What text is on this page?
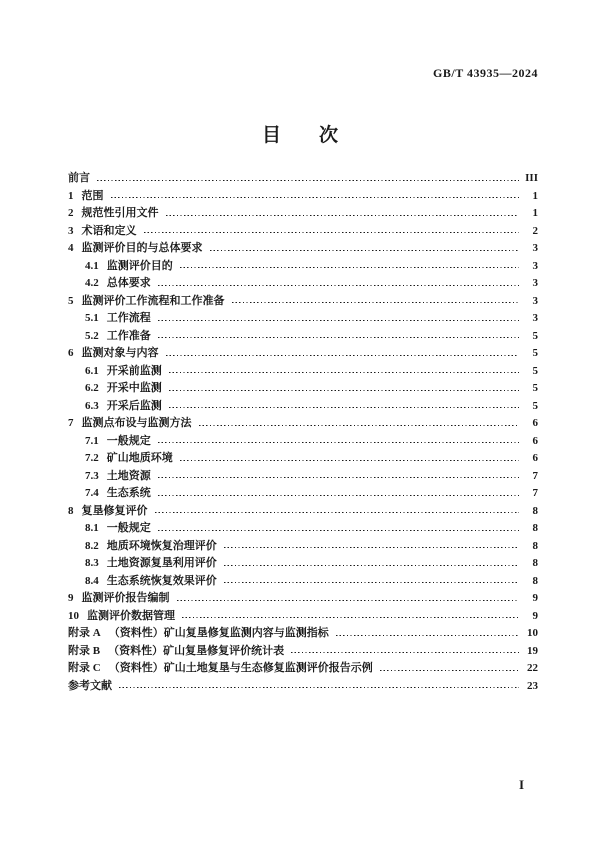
GB/T 43935—2024
目　　次
前言	III
1 范围	1
2 规范性引用文件	1
3 术语和定义	2
4 监测评价目的与总体要求	3
4.1 监测评价目的	3
4.2 总体要求	3
5 监测评价工作流程和工作准备	3
5.1 工作流程	3
5.2 工作准备	5
6 监测对象与内容	5
6.1 开采前监测	5
6.2 开采中监测	5
6.3 开采后监测	5
7 监测点布设与监测方法	6
7.1 一般规定	6
7.2 矿山地质环境	6
7.3 土地资源	7
7.4 生态系统	7
8 复垦修复评价	8
8.1 一般规定	8
8.2 地质环境恢复治理评价	8
8.3 土地资源复垦利用评价	8
8.4 生态系统恢复效果评价	8
9 监测评价报告编制	9
10 监测评价数据管理	9
附录 A （资料性）矿山复垦修复监测内容与监测指标	10
附录 B （资料性）矿山复垦修复评价统计表	19
附录 C （资料性）矿山土地复垦与生态修复监测评价报告示例	22
参考文献	23
I
